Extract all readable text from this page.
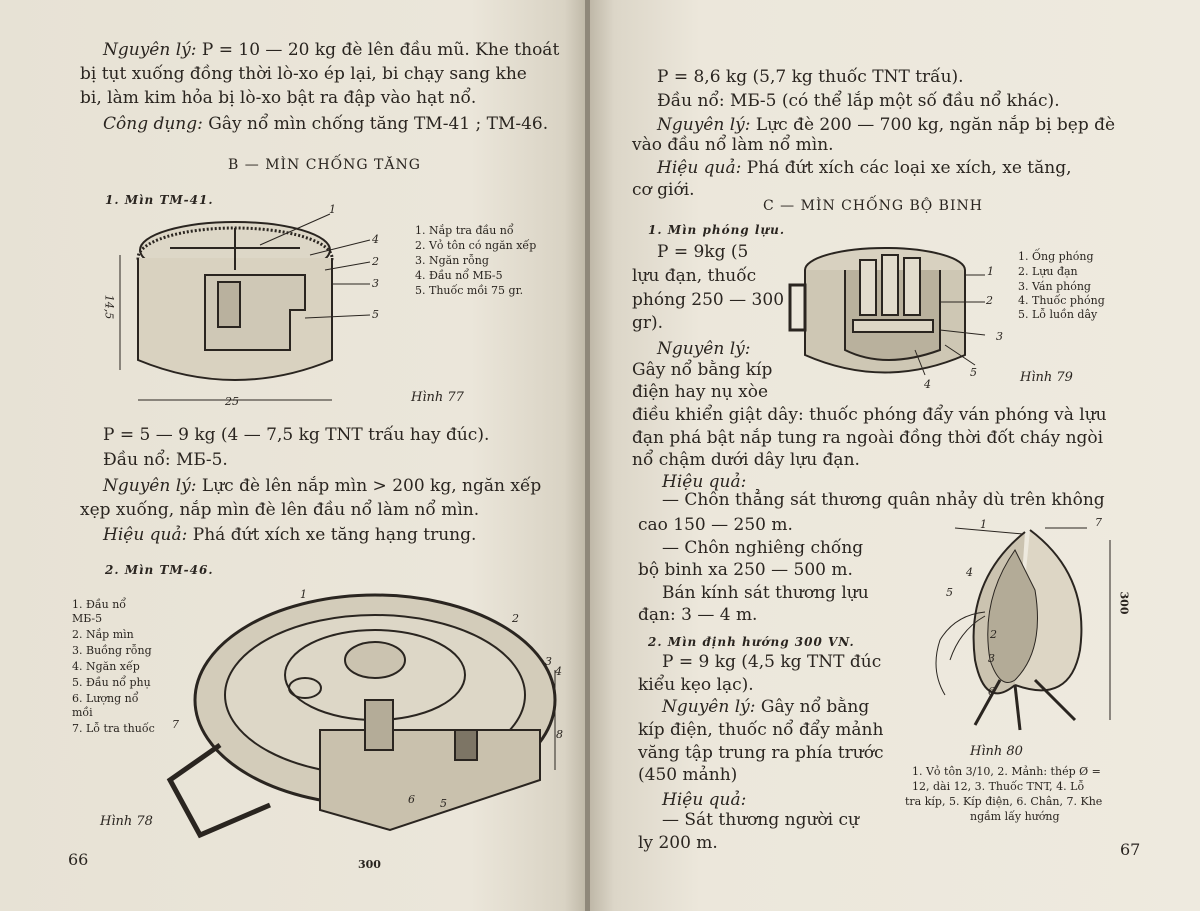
Nguyên lý: P = 10 — 20 kg đè lên đầu mũ. Khe thoát
bị tụt xuống đồng thời lò-xo ép lại, bi chạy sang khe
bi, làm kim hỏa bị lò-xo bật ra đập vào hạt nổ.
Công dụng: Gây nổ mìn chống tăng TM-41 ; TM-46.
B — MÌN CHỐNG TĂNG
1. Mìn TM-41.
1
4
2
3
5
14,5
25
1. Nắp tra đầu nổ
2. Vỏ tôn có ngăn xếp
3. Ngăn rỗng
4. Đầu nổ MБ-5
5. Thuốc mồi 75 gr.
Hình 77
P = 5 — 9 kg (4 — 7,5 kg TNT trấu hay đúc).
Đầu nổ: MБ-5.
Nguyên lý: Lực đè lên nắp mìn > 200 kg, ngăn xếp
xẹp xuống, nắp mìn đè lên đầu nổ làm nổ mìn.
Hiệu quả: Phá đứt xích xe tăng hạng trung.
2. Mìn TM-46.
1. Đầu nổ
MБ-5
2. Nắp mìn
3. Buồng rỗng
4. Ngăn xếp
5. Đầu nổ phụ
6. Lượng nổ
mồi
7. Lỗ tra thuốc 7
1
2
3
4
6 5
8
300
Hình 78
66
P = 8,6 kg (5,7 kg thuốc TNT trấu).
Đầu nổ: MБ-5 (có thể lắp một số đầu nổ khác).
Nguyên lý: Lực đè 200 — 700 kg, ngăn nắp bị bẹp đè
vào đầu nổ làm nổ mìn.
Hiệu quả: Phá đứt xích các loại xe xích, xe tăng,
cơ giới.
C — MÌN CHỐNG BỘ BINH
1. Mìn phóng lựu.
P = 9kg (5
lựu đạn, thuốc
phóng 250 — 300
gr).
Nguyên lý:
Gây nổ bằng kíp
điện hay nụ xòe
điều khiển giật dây: thuốc phóng đẩy ván phóng và lựu
đạn phá bật nắp tung ra ngoài đồng thời đốt cháy ngòi
nổ chậm dưới dây lựu đạn.
1
2
3
4
5
1. Ống phóng
2. Lựu đạn
3. Ván phóng
4. Thuốc phóng
5. Lỗ luồn dây
Hình 79
Hiệu quả:
— Chôn thẳng sát thương quân nhảy dù trên không
cao 150 — 250 m.
— Chôn nghiêng chống
bộ binh xa 250 — 500 m.
Bán kính sát thương lựu
đạn: 3 — 4 m.
2. Mìn định hướng 300 VN.
P = 9 kg (4,5 kg TNT đúc
kiểu kẹo lạc).
Nguyên lý: Gây nổ bằng
kíp điện, thuốc nổ đẩy mảnh
văng tập trung ra phía trước
(450 mảnh)
Hiệu quả:
— Sát thương người cự
ly 200 m.
1	7
4
5
2
3
6
300
Hình 80
1. Vỏ tôn 3/10, 2. Mảnh: thép Ø =
12, dài 12, 3. Thuốc TNT, 4. Lỗ
tra kíp, 5. Kíp điện, 6. Chân, 7. Khe
ngắm lấy hướng
67
